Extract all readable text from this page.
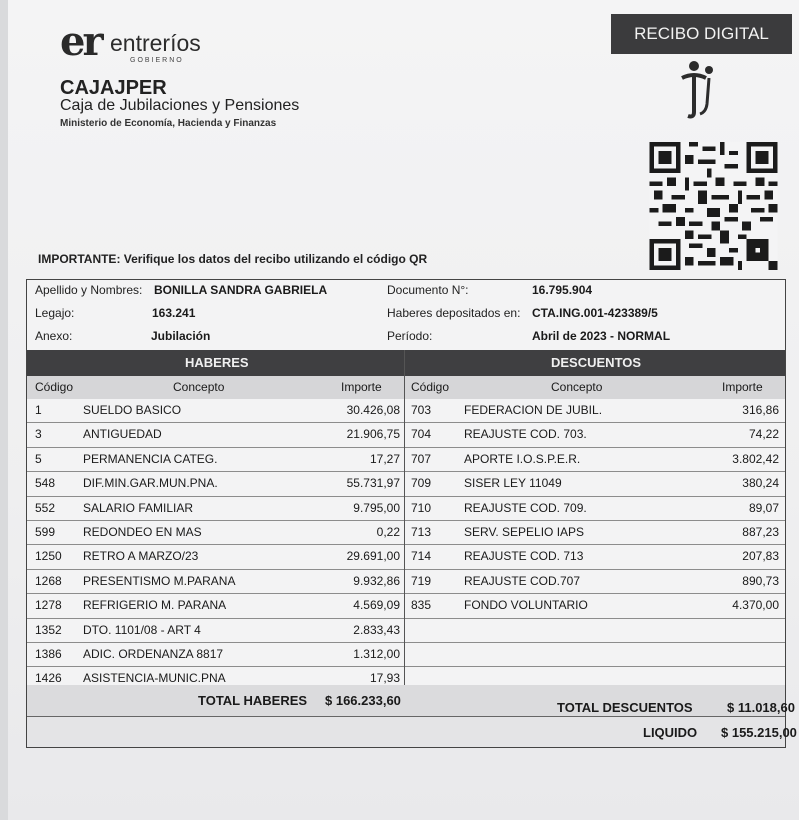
er entreríos
GOBIERNO
CAJAJPER
Caja de Jubilaciones y Pensiones
Ministerio de Economía, Hacienda y Finanzas
RECIBO DIGITAL
IMPORTANTE: Verifique los datos del recibo utilizando el código QR
Apellido y Nombres: BONILLA SANDRA GABRIELA	Documento N°:	16.795.904
Legajo:	163.241	Haberes depositados en: CTA.ING.001-423389/5
Anexo:	Jubilación	Período:	Abril de 2023 - NORMAL
HABERES	DESCUENTOS
Código	Concepto	Importe Código	Concepto	Importe
1	SUELDO BASICO	30.426,08 703	FEDERACION DE JUBIL.	316,86
3	ANTIGUEDAD	21.906,75 704	REAJUSTE COD. 703.	74,22
5	PERMANENCIA CATEG.	17,27 707	APORTE I.O.S.P.E.R.	3.802,42
548 DIF.MIN.GAR.MUN.PNA.	55.731,97 709	SISER LEY 11049	380,24
552 SALARIO FAMILIAR	9.795,00 710	REAJUSTE COD. 709.	89,07
599 REDONDEO EN MAS	0,22 713	SERV. SEPELIO IAPS	887,23
1250 RETRO A MARZO/23	29.691,00 714	REAJUSTE COD. 713	207,83
1268 PRESENTISMO M.PARANA	9.932,86 719	REAJUSTE COD.707	890,73
1278 REFRIGERIO M. PARANA	4.569,09 835	FONDO VOLUNTARIO	4.370,00
1352 DTO. 1101/08 - ART 4	2.833,43
1386 ADIC. ORDENANZA 8817	1.312,00
1426 ASISTENCIA-MUNIC.PNA	17,93
TOTAL HABERES $ 166.233,60	TOTAL DESCUENTOS	$ 11.018,60
LIQUIDO $ 155.215,00
